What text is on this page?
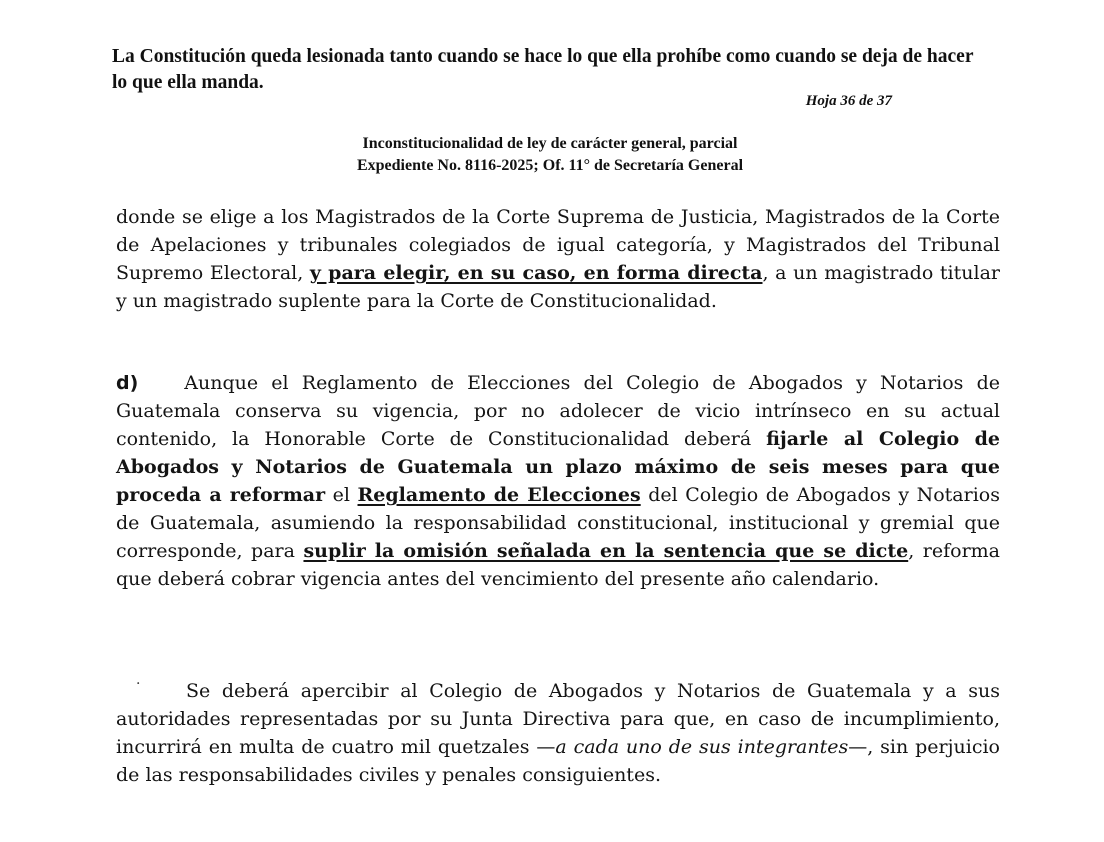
La Constitución queda lesionada tanto cuando se hace lo que ella prohíbe como cuando se deja de hacer lo que ella manda.
Hoja 36 de 37
Inconstitucionalidad de ley de carácter general, parcial
Expediente No. 8116-2025; Of. 11° de Secretaría General
donde se elige a los Magistrados de la Corte Suprema de Justicia, Magistrados de la Corte de Apelaciones y tribunales colegiados de igual categoría, y Magistrados del Tribunal Supremo Electoral, y para elegir, en su caso, en forma directa, a un magistrado titular y un magistrado suplente para la Corte de Constitucionalidad.
d) Aunque el Reglamento de Elecciones del Colegio de Abogados y Notarios de Guatemala conserva su vigencia, por no adolecer de vicio intrínseco en su actual contenido, la Honorable Corte de Constitucionalidad deberá fijarle al Colegio de Abogados y Notarios de Guatemala un plazo máximo de seis meses para que proceda a reformar el Reglamento de Elecciones del Colegio de Abogados y Notarios de Guatemala, asumiendo la responsabilidad constitucional, institucional y gremial que corresponde, para suplir la omisión señalada en la sentencia que se dicte, reforma que deberá cobrar vigencia antes del vencimiento del presente año calendario.
·	Se deberá apercibir al Colegio de Abogados y Notarios de Guatemala y a sus autoridades representadas por su Junta Directiva para que, en caso de incumplimiento, incurrirá en multa de cuatro mil quetzales —a cada uno de sus integrantes—, sin perjuicio de las responsabilidades civiles y penales consiguientes.
